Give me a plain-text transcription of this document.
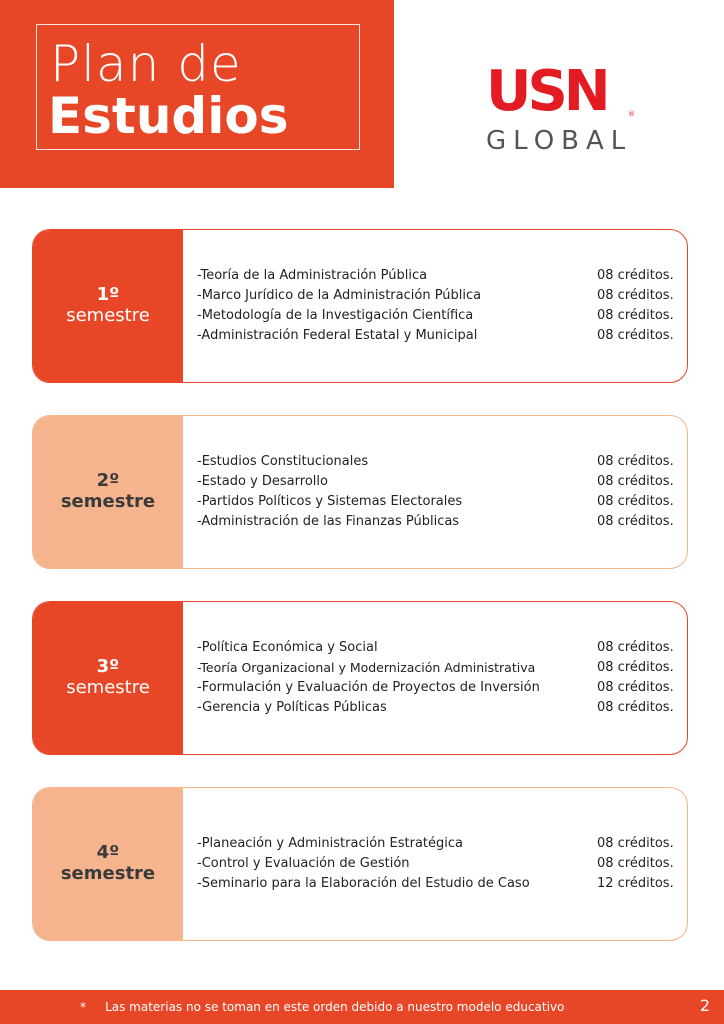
Plan de
Estudios	USN	®
GLOBAL
1º
semestre
-Teoría de la Administración Pública	08 créditos.
-Marco Jurídico de la Administración Pública	08 créditos.
-Metodología de la Investigación Científica	08 créditos.
-Administración Federal Estatal y Municipal	08 créditos.
2º
semestre
-Estudios Constitucionales	08 créditos.
-Estado y Desarrollo	08 créditos.
-Partidos Políticos y Sistemas Electorales	08 créditos.
-Administración de las Finanzas Públicas	08 créditos.
3º
semestre
-Política Económica y Social	08 créditos.
-Teoría Organizacional y Modernización Administrativa	08 créditos.
-Formulación y Evaluación de Proyectos de Inversión	08 créditos.
-Gerencia y Políticas Públicas	08 créditos.
4º
semestre
-Planeación y Administración Estratégica	08 créditos.
-Control y Evaluación de Gestión	08 créditos.
-Seminario para la Elaboración del Estudio de Caso	12 créditos.
*     Las materias no se toman en este orden debido a nuestro modelo educativo	2
